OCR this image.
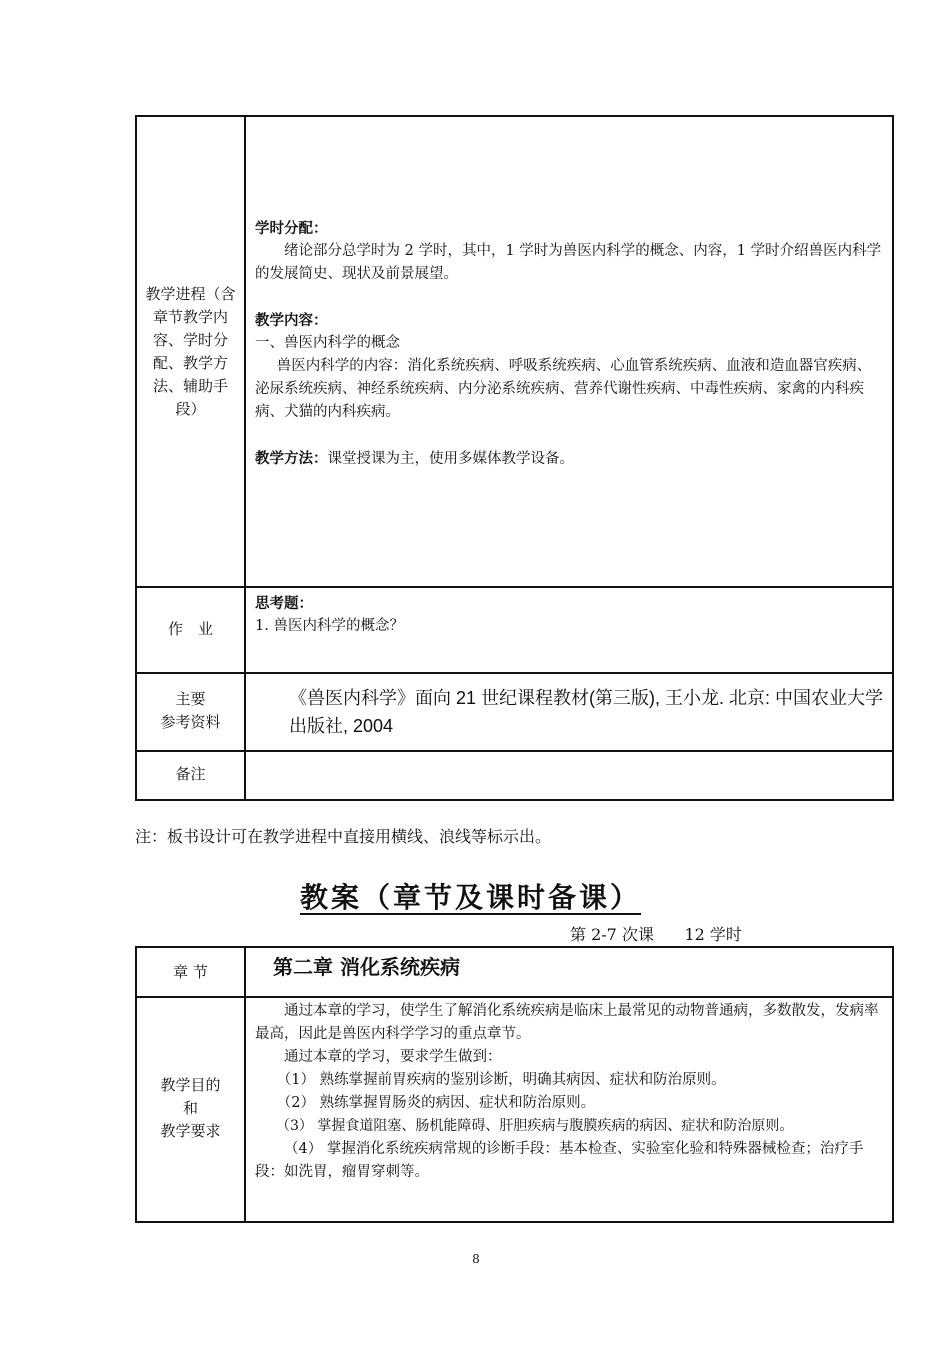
教学进程（含章节教学内容、学时分配、教学方法、辅助手段）

学时分配：

绪论部分总学时为 2 学时，其中，1 学时为兽医内科学的概念、内容，1 学时介绍兽医内科学的发展简史、现状及前景展望。

教学内容：

一、兽医内科学的概念

兽医内科学的内容：消化系统疾病、呼吸系统疾病、心血管系统疾病、血液和造血器官疾病、泌尿系统疾病、神经系统疾病、内分泌系统疾病、营养代谢性疾病、中毒性疾病、家禽的内科疾病、犬猫的内科疾病。

教学方法：课堂授课为主，使用多媒体教学设备。

作　业

思考题：

1. 兽医内科学的概念？

主要
参考资料
《兽医内科学》面向 21 世纪课程教材(第三版), 王小龙. 北京: 中国农业大学出版社, 2004
备注
注：板书设计可在教学进程中直接用横线、浪线等标示出。
教案（章节及课时备课）
第 2-7 次课      12 学时
章 节	第二章 消化系统疾病
教学目的
和
教学要求

通过本章的学习，使学生了解消化系统疾病是临床上最常见的动物普通病，多数散发，发病率最高，因此是兽医内科学学习的重点章节。

通过本章的学习，要求学生做到：

（1） 熟练掌握前胃疾病的鉴别诊断，明确其病因、症状和防治原则。

（2） 熟练掌握胃肠炎的病因、症状和防治原则。

（3） 掌握食道阻塞、肠机能障碍、肝胆疾病与腹膜疾病的病因、症状和防治原则。

（4） 掌握消化系统疾病常规的诊断手段：基本检查、实验室化验和特殊器械检查；治疗手段：如洗胃，瘤胃穿刺等。

8
